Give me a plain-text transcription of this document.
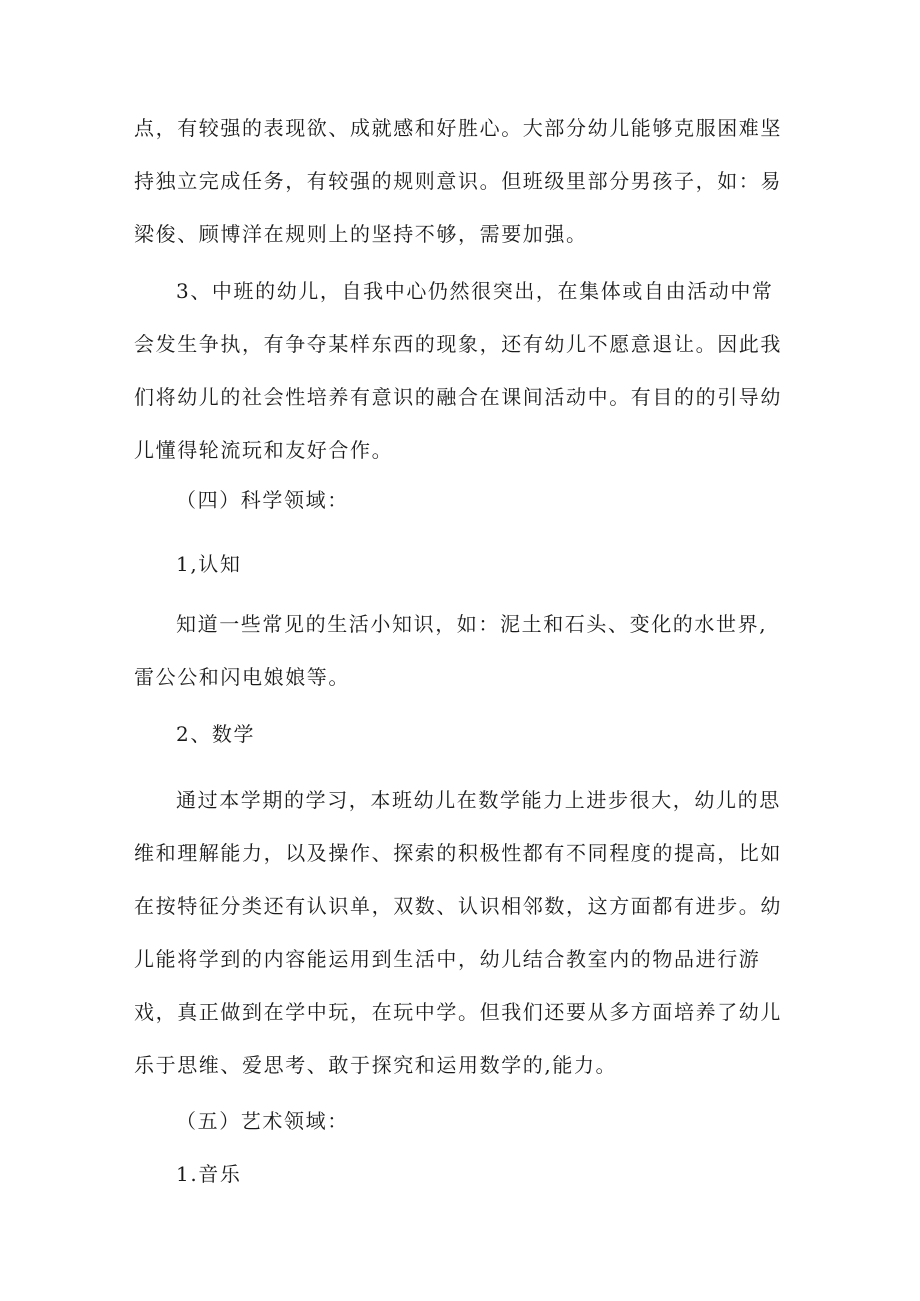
点，有较强的表现欲、成就感和好胜心。大部分幼儿能够克服困难坚持独立完成任务，有较强的规则意识。但班级里部分男孩子，如：易梁俊、顾博洋在规则上的坚持不够，需要加强。

3、中班的幼儿，自我中心仍然很突出，在集体或自由活动中常会发生争执，有争夺某样东西的现象，还有幼儿不愿意退让。因此我们将幼儿的社会性培养有意识的融合在课间活动中。有目的的引导幼儿懂得轮流玩和友好合作。

（四）科学领域：

1,认知

知道一些常见的生活小知识，如：泥土和石头、变化的水世界,雷公公和闪电娘娘等。

2、数学

通过本学期的学习，本班幼儿在数学能力上进步很大，幼儿的思维和理解能力，以及操作、探索的积极性都有不同程度的提高，比如在按特征分类还有认识单，双数、认识相邻数，这方面都有进步。幼儿能将学到的内容能运用到生活中，幼儿结合教室内的物品进行游戏，真正做到在学中玩，在玩中学。但我们还要从多方面培养了幼儿乐于思维、爱思考、敢于探究和运用数学的,能力。

（五）艺术领域：

1.音乐
